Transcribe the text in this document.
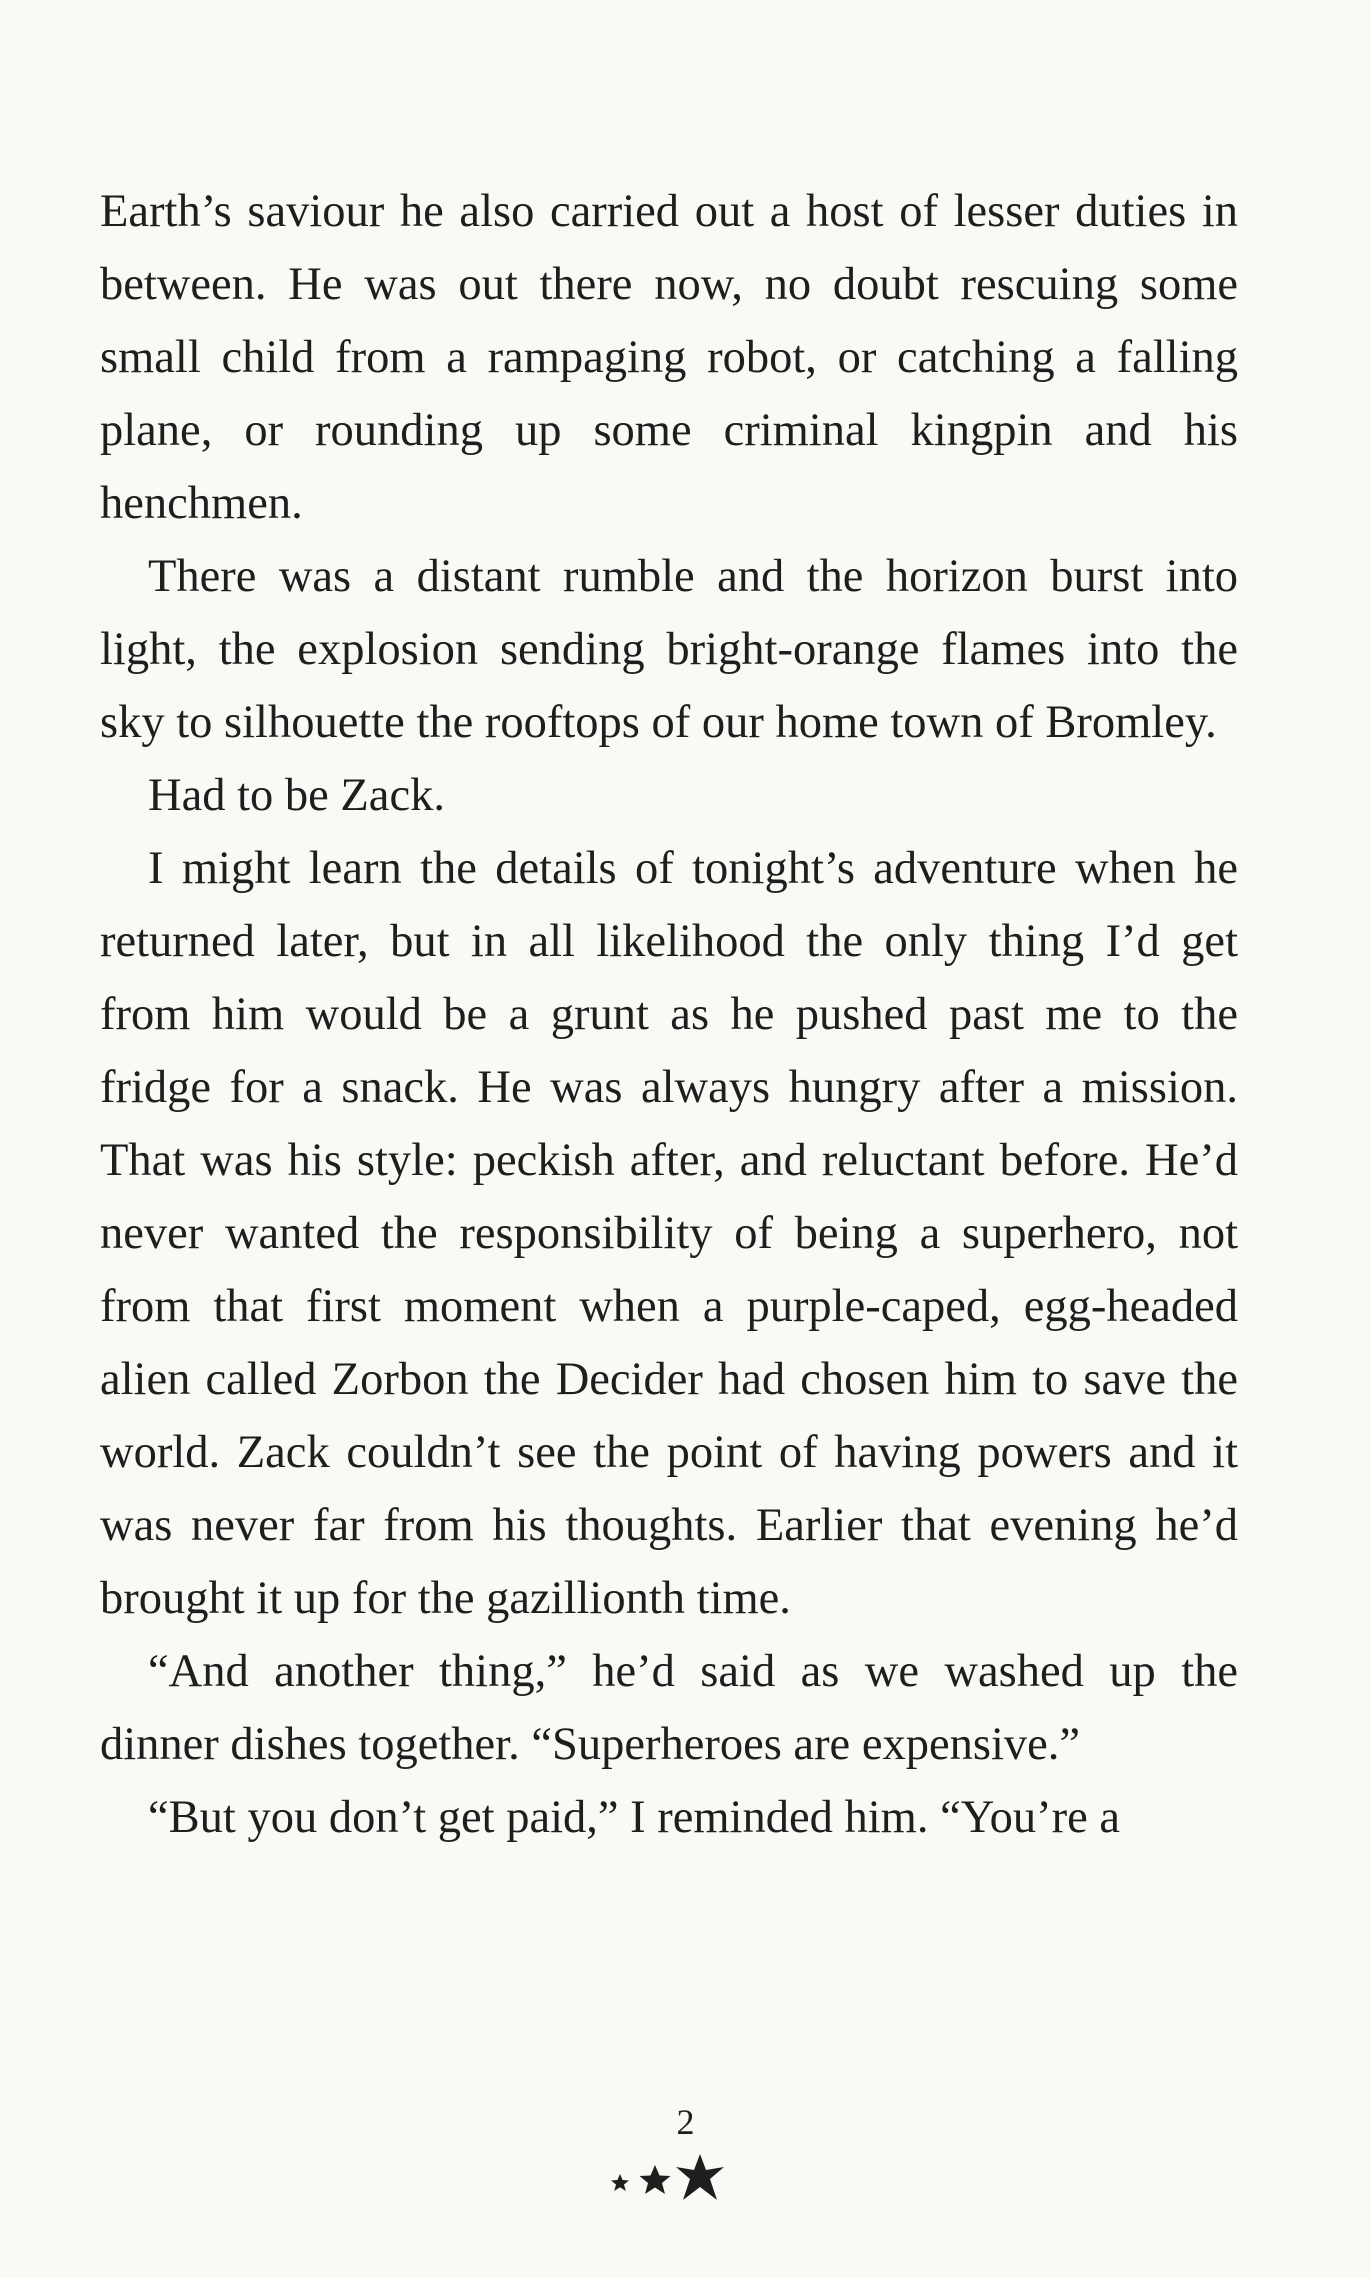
Earth’s saviour he also carried out a host of lesser duties in between. He was out there now, no doubt rescuing some small child from a rampaging robot, or catching a falling plane, or rounding up some criminal kingpin and his henchmen.

There was a distant rumble and the horizon burst into light, the explosion sending bright-orange flames into the sky to silhouette the rooftops of our home town of Bromley.

Had to be Zack.

I might learn the details of tonight’s adventure when he returned later, but in all likelihood the only thing I’d get from him would be a grunt as he pushed past me to the fridge for a snack. He was always hungry after a mission. That was his style: peckish after, and reluctant before. He’d never wanted the responsibility of being a superhero, not from that first moment when a purple-caped, egg-headed alien called Zorbon the Decider had chosen him to save the world. Zack couldn’t see the point of having powers and it was never far from his thoughts. Earlier that evening he’d brought it up for the gazillionth time.

“And another thing,” he’d said as we washed up the dinner dishes together. “Superheroes are expensive.”

“But you don’t get paid,” I reminded him. “You’re a

2
